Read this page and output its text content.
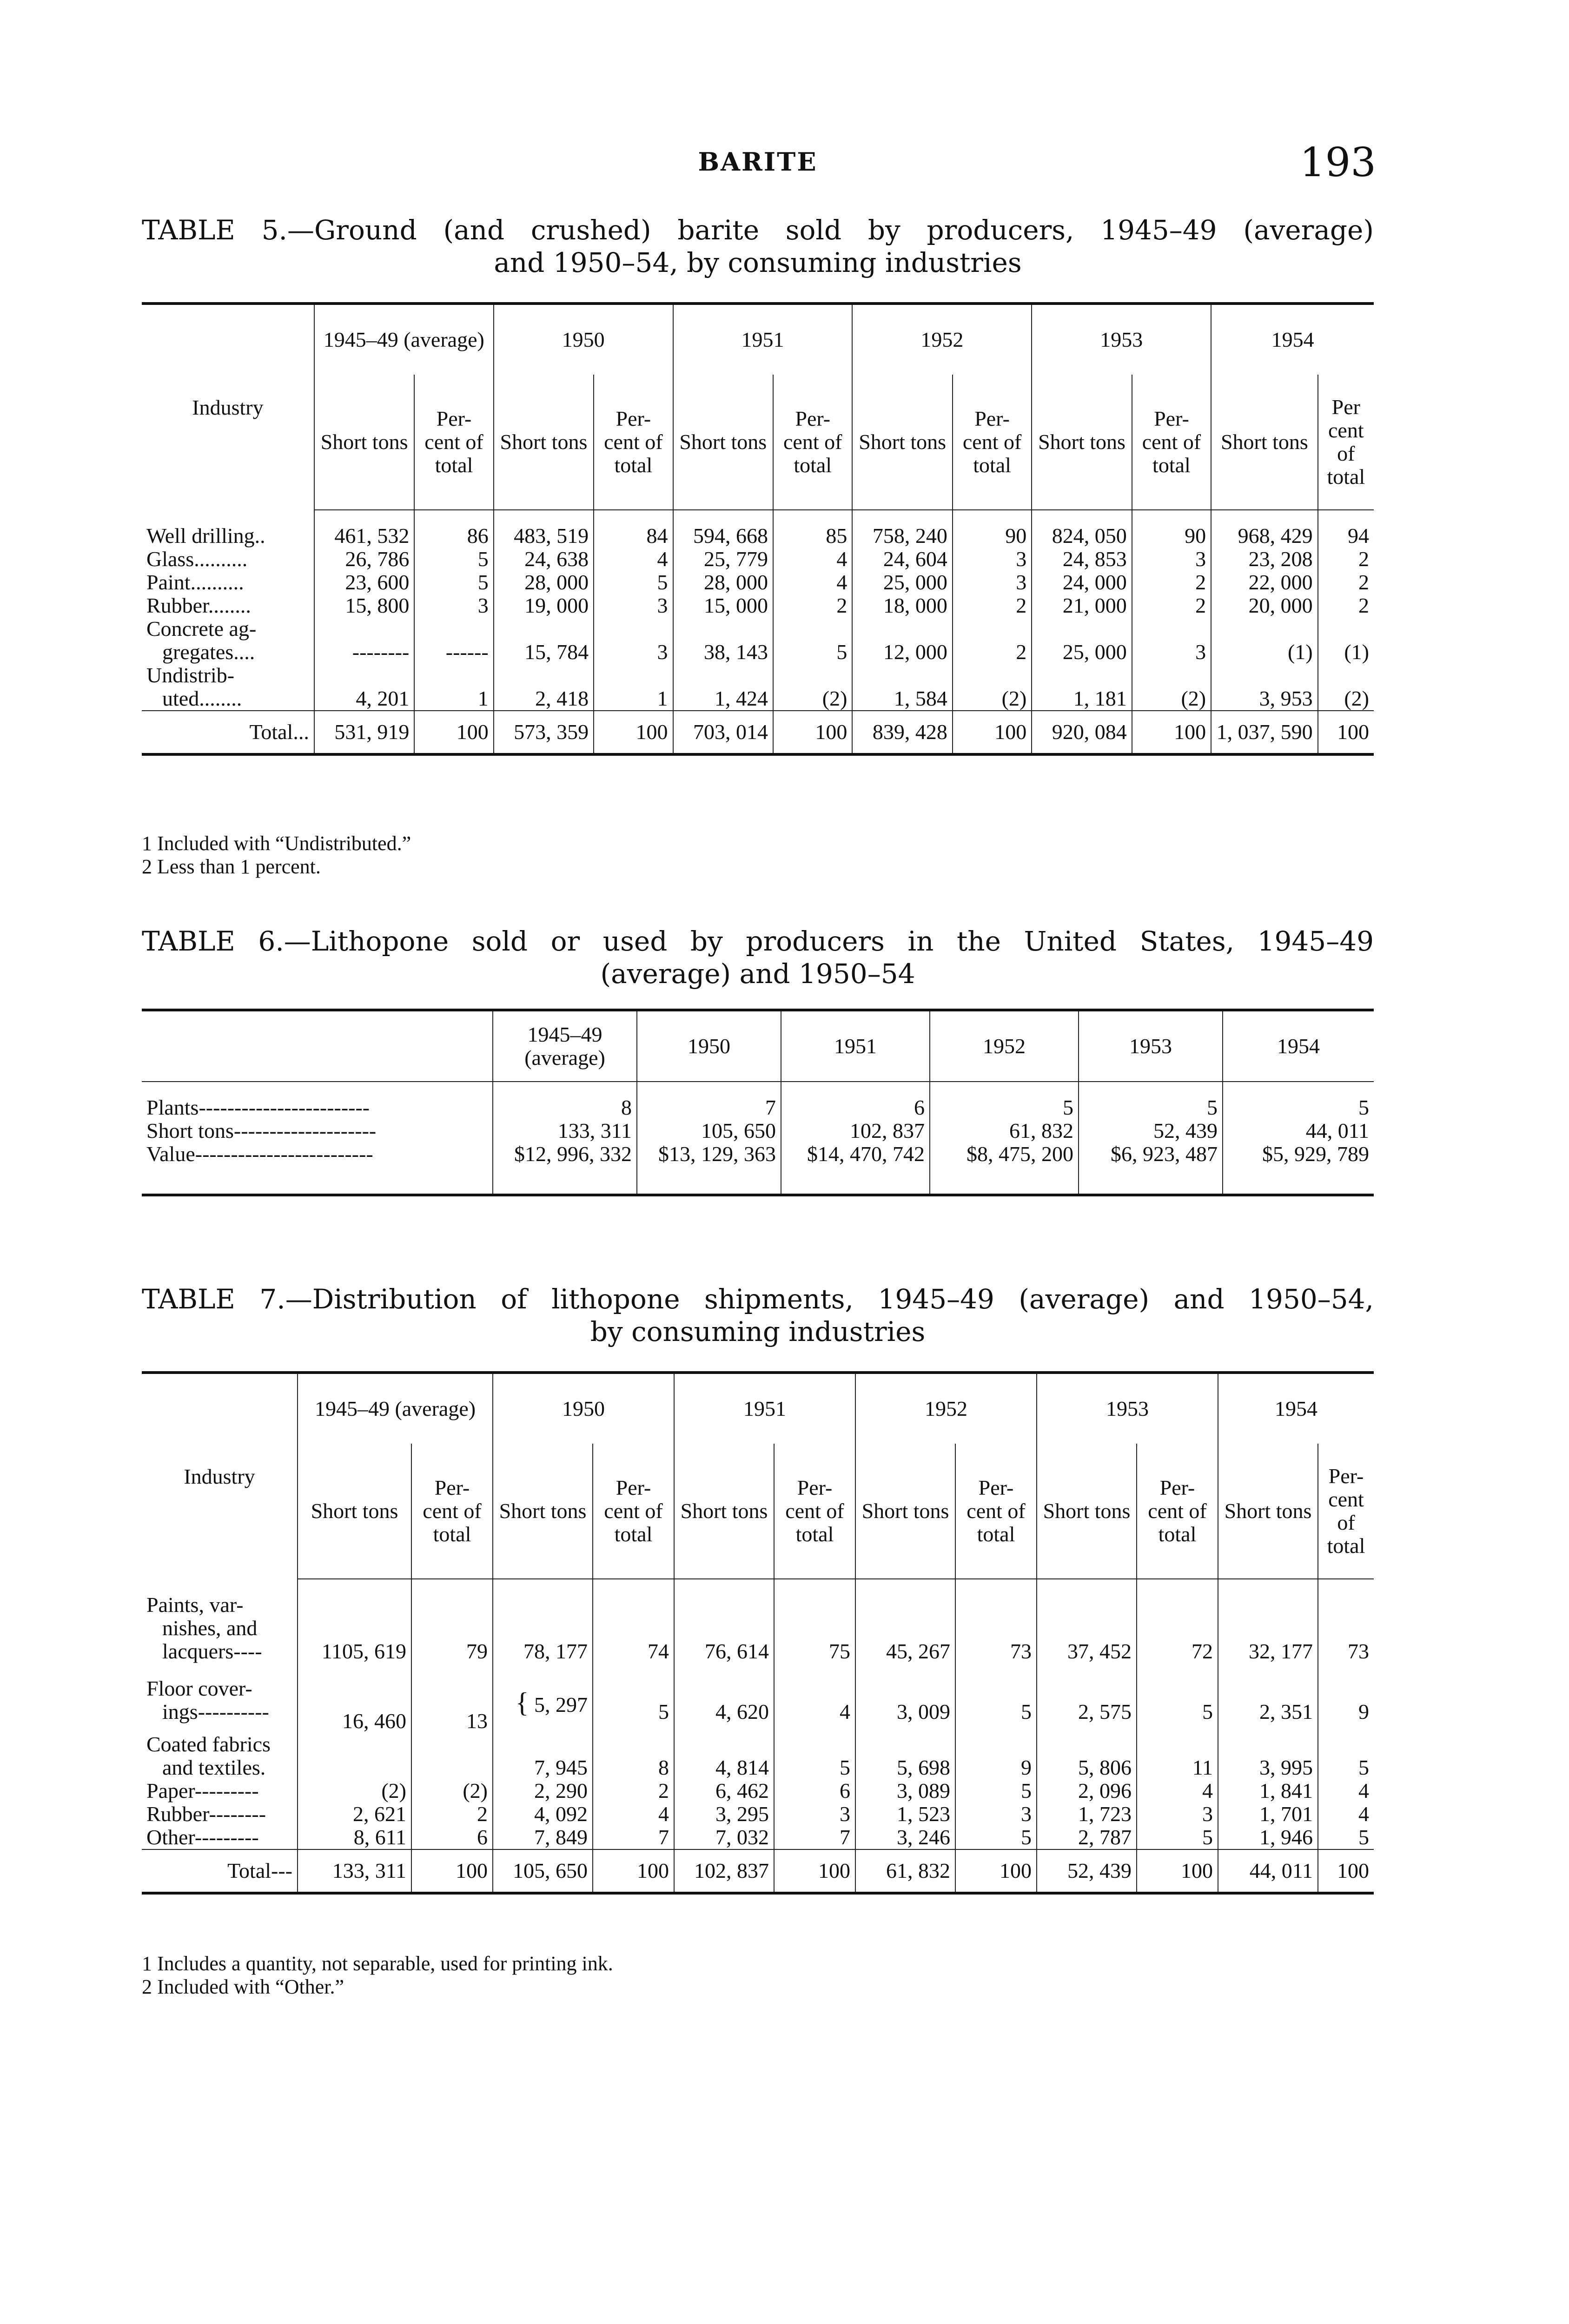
BARITE	193
TABLE 5.—Ground (and crushed) barite sold by producers, 1945–49 (average)
and 1950–54, by consuming industries
Industry	1945–49 (average)		1950		1951		1952		1953		1954	
	Short tons	Per- cent of total	Short tons	Per- cent of total	Short tons	Per- cent of total	Short tons	Per- cent of total	Short tons	Per- cent of total	Short tons	Per cent of total

Well drilling..	461, 532	86	483, 519	84	594, 668	85	758, 240	90	824, 050	90	968, 429	94
Glass..........	26, 786	5	24, 638	4	25, 779	4	24, 604	3	24, 853	3	23, 208	2
Paint..........	23, 600	5	28, 000	5	28, 000	4	25, 000	3	24, 000	2	22, 000	2
Rubber........	15, 800	3	19, 000	3	15, 000	2	18, 000	2	21, 000	2	20, 000	2

Concrete ag-
gregates....	--------	------	15, 784	3	38, 143	5	12, 000	2	25, 000	3	(1)	(1)

Undistrib-
uted........	4, 201	1	2, 418	1	1, 424	(2)	1, 584	(2)	1, 181	(2)	3, 953	(2)
Total...	531, 919	100	573, 359	100	703, 014	100	839, 428	100	920, 084	100	1, 037, 590	100
1 Included with “Undistributed.”
2 Less than 1 percent.
TABLE 6.—Lithopone sold or used by producers in the United States, 1945–49
(average) and 1950–54
	1945–49 (average)	1950	1951	1952	1953	1954

Plants------------------------	8	7	6	5	5	5
Short tons--------------------	133, 311	105, 650	102, 837	61, 832	52, 439	44, 011
Value-------------------------	$12, 996, 332	$13, 129, 363	$14, 470, 742	$8, 475, 200	$6, 923, 487	$5, 929, 789
TABLE 7.—Distribution of lithopone shipments, 1945–49 (average) and 1950–54,
by consuming industries
Industry	1945–49 (average)		1950		1951		1952		1953		1954	
	Short tons	Per- cent of total	Short tons	Per- cent of total	Short tons	Per- cent of total	Short tons	Per- cent of total	Short tons	Per- cent of total	Short tons	Per- cent of total

Paints, var-
nishes, and
lacquers----	1105, 619	79	78, 177	74	76, 614	75	45, 267	73	37, 452	72	32, 177	73

Floor cover-
ings----------	16, 460	13	{ 5, 297	5	4, 620	4	3, 009	5	2, 575	5	2, 351	9

Coated fabrics
and textiles.			7, 945	8	4, 814	5	5, 698	9	5, 806	11	3, 995	5
Paper---------	(2)	(2)	2, 290	2	6, 462	6	3, 089	5	2, 096	4	1, 841	4
Rubber--------	2, 621	2	4, 092	4	3, 295	3	1, 523	3	1, 723	3	1, 701	4
Other---------	8, 611	6	7, 849	7	7, 032	7	3, 246	5	2, 787	5	1, 946	5
Total---	133, 311	100	105, 650	100	102, 837	100	61, 832	100	52, 439	100	44, 011	100
1 Includes a quantity, not separable, used for printing ink.
2 Included with “Other.”
